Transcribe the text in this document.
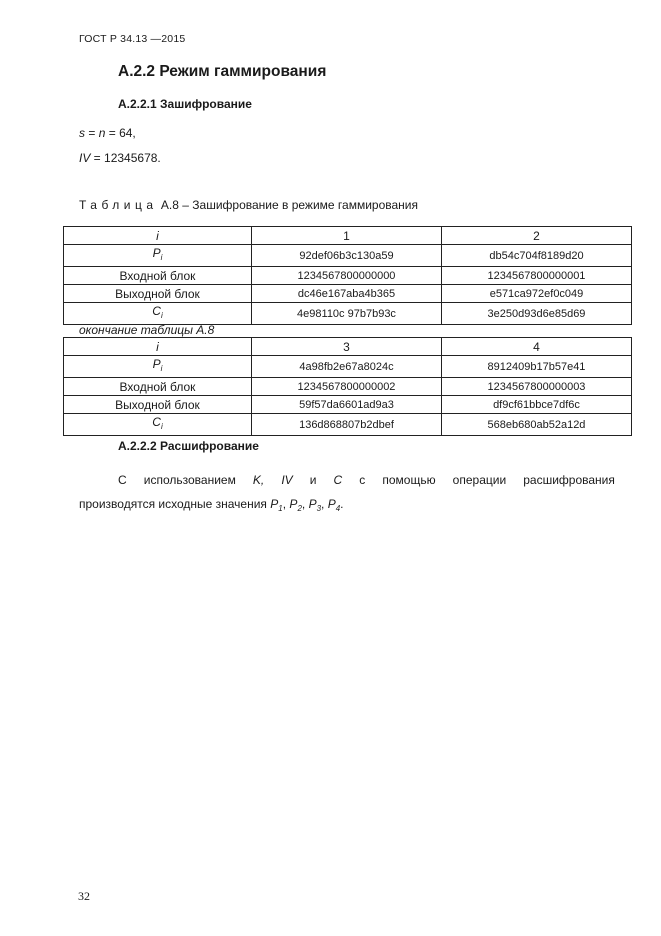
ГОСТ Р 34.13 —2015
А.2.2 Режим гаммирования
А.2.2.1 Зашифрование
s = n = 64,
IV = 12345678.
Таблица А.8 – Зашифрование в режиме гаммирования
i	1	2
$P_i$	92def06b3c130a59	db54c704f8189d20
Входной блок	1234567800000000	1234567800000001
Выходной блок	dc46e167aba4b365	e571ca972ef0c049
$C_i$	4e98110c 97b7b93c	3e250d93d6e85d69
окончание таблицы А.8
i	3	4
$P_i$	4a98fb2e67a8024c	8912409b17b57e41
Входной блок	1234567800000002	1234567800000003
Выходной блок	59f57da6601ad9a3	df9cf61bbce7df6c
$C_i$	136d868807b2dbef	568eb680ab52a12d
А.2.2.2 Расшифрование
С использованием K, IV и C с помощью операции расшифрования
производятся исходные значения $P_1$, $P_2$, $P_3$, $P_4$.
32
